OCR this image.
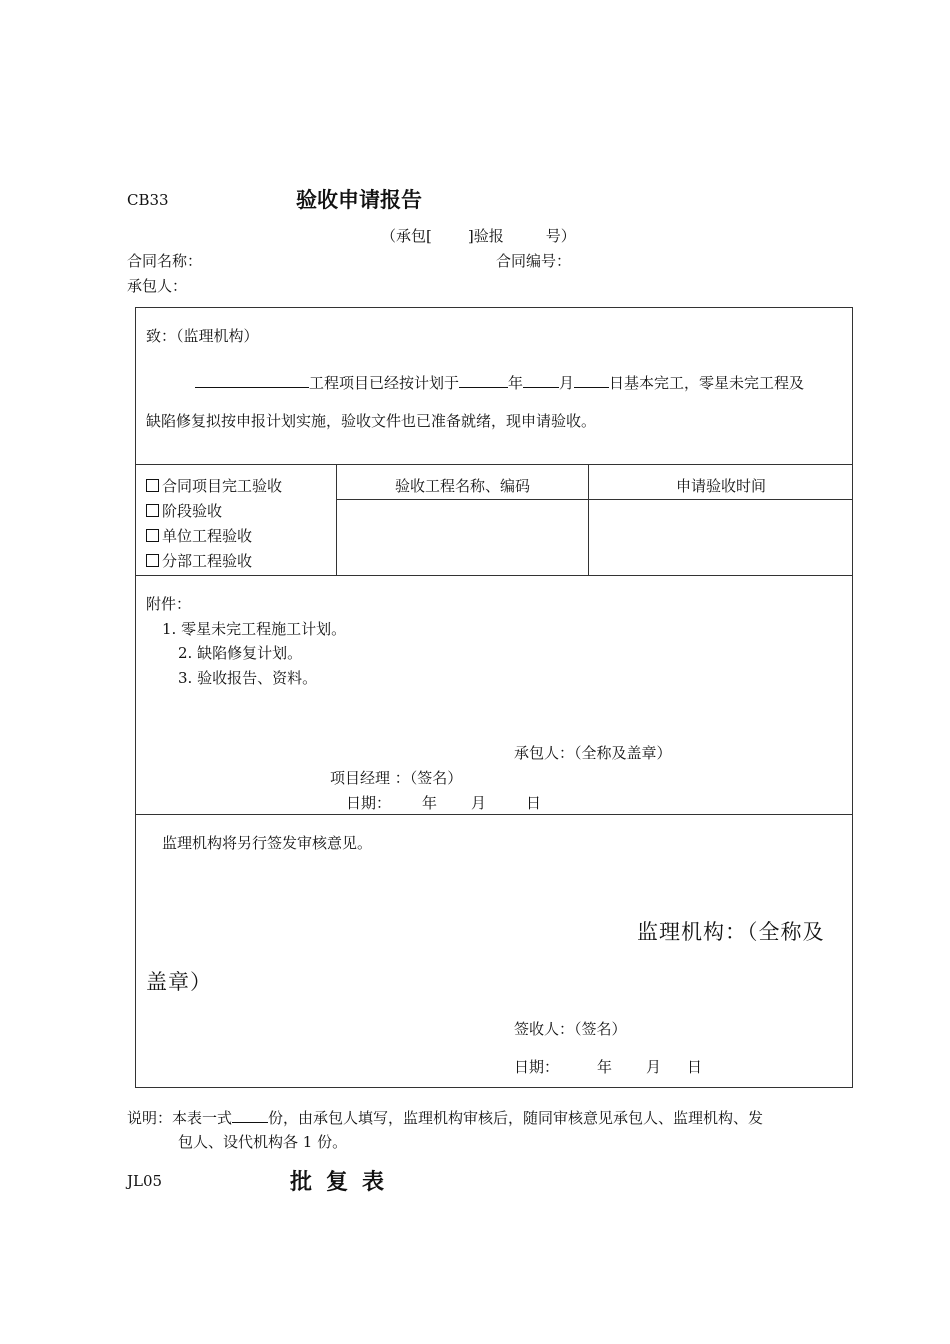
CB33	验收申请报告
（承包[ ]验报	号）
合同名称：	合同编号：
承包人：
致：（监理机构）
工程项目已经按计划于	年 月 日基本完工，零星未完工程及
缺陷修复拟按申报计划实施，验收文件也已准备就绪，现申请验收。
合同项目完工验收
阶段验收
单位工程验收
分部工程验收
验收工程名称、编码	申请验收时间
附件：
1. 零星未完工程施工计划。
2. 缺陷修复计划。
3. 验收报告、资料。
承包人：（全称及盖章）
项目经理 ：（签名）
日期： 年 月	日
监理机构将另行签发审核意见。
监理机构：（全称及
盖章）
签收人：（签名）
日期：	年 月 日
说明：本表一式 份，由承包人填写，监理机构审核后，随同审核意见承包人、监理机构、发
包人、设代机构各 1 份。
JL05	批复表
